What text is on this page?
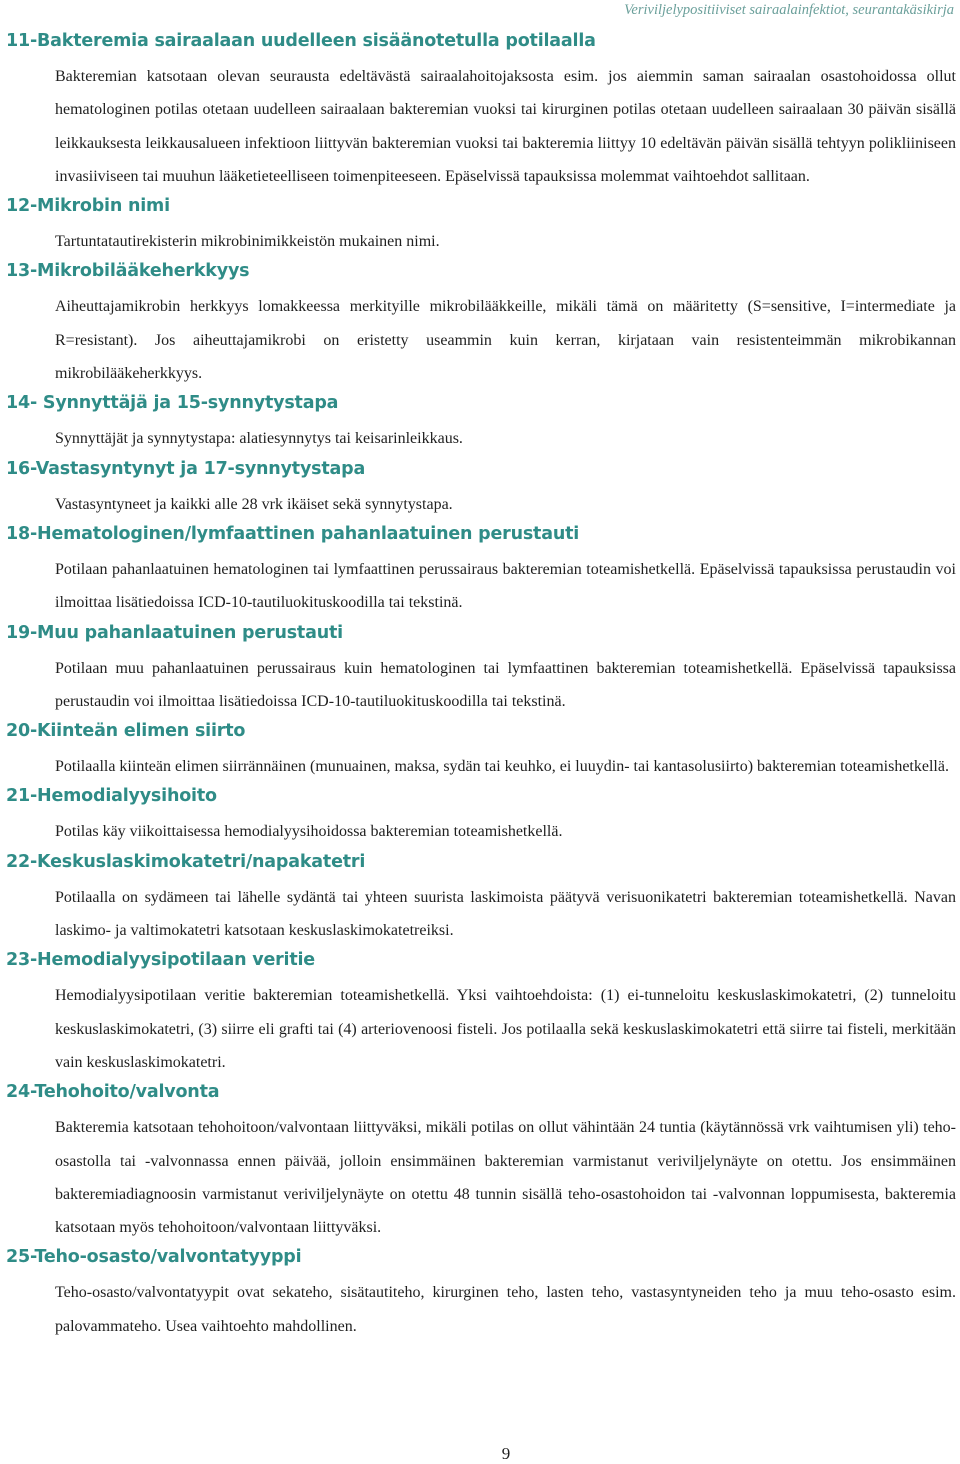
Veriviljelypositiiviset sairaalainfektiot, seurantakäsikirja
11-Bakteremia sairaalaan uudelleen sisäänotetulla potilaalla

Bakteremian katsotaan olevan seurausta edeltävästä sairaalahoitojaksosta esim. jos aiemmin saman sairaalan osastohoidossa ollut hematologinen potilas otetaan uudelleen sairaalaan bakteremian vuoksi tai kirurginen potilas otetaan uudelleen sairaalaan 30 päivän sisällä leikkauksesta leikkausalueen infektioon liittyvän bakteremian vuoksi tai bakteremia liittyy 10 edeltävän päivän sisällä tehtyyn polikliiniseen invasiiviseen tai muuhun lääketieteelliseen toimenpiteeseen. Epäselvissä tapauksissa molemmat vaihtoehdot sallitaan.

12-Mikrobin nimi

Tartuntatautirekisterin mikrobinimikkeistön mukainen nimi.

13-Mikrobilääkeherkkyys

Aiheuttajamikrobin herkkyys lomakkeessa merkityille mikrobilääkkeille, mikäli tämä on määritetty (S=sensitive, I=intermediate ja R=resistant). Jos aiheuttajamikrobi on eristetty useammin kuin kerran, kirjataan vain resistenteimmän mikrobikannan mikrobilääkeherkkyys.

14- Synnyttäjä ja 15-synnytystapa

Synnyttäjät ja synnytystapa: alatiesynnytys tai keisarinleikkaus.

16-Vastasyntynyt ja 17-synnytystapa

Vastasyntyneet ja kaikki alle 28 vrk ikäiset sekä synnytystapa.

18-Hematologinen/lymfaattinen pahanlaatuinen perustauti

Potilaan pahanlaatuinen hematologinen tai lymfaattinen perussairaus bakteremian toteamishetkellä. Epäselvissä tapauksissa perustaudin voi ilmoittaa lisätiedoissa ICD-10-tautiluokituskoodilla tai tekstinä.

19-Muu pahanlaatuinen perustauti

Potilaan muu pahanlaatuinen perussairaus kuin hematologinen tai lymfaattinen bakteremian toteamishetkellä. Epäselvissä tapauksissa perustaudin voi ilmoittaa lisätiedoissa ICD-10-tautiluokituskoodilla tai tekstinä.

20-Kiinteän elimen siirto

Potilaalla kiinteän elimen siirrännäinen (munuainen, maksa, sydän tai keuhko, ei luuydin- tai kantasolusiirto) bakteremian toteamishetkellä.

21-Hemodialyysihoito

Potilas käy viikoittaisessa hemodialyysihoidossa bakteremian toteamishetkellä.

22-Keskuslaskimokatetri/napakatetri

Potilaalla on sydämeen tai lähelle sydäntä tai yhteen suurista laskimoista päätyvä verisuonikatetri bakteremian toteamishetkellä. Navan laskimo- ja valtimokatetri katsotaan keskuslaskimokatetreiksi.

23-Hemodialyysipotilaan veritie

Hemodialyysipotilaan veritie bakteremian toteamishetkellä. Yksi vaihtoehdoista: (1) ei-tunneloitu keskuslaskimokatetri, (2) tunneloitu keskuslaskimokatetri, (3) siirre eli grafti tai (4) arteriovenoosi fisteli. Jos potilaalla sekä keskuslaskimokatetri että siirre tai fisteli, merkitään vain keskuslaskimokatetri.

24-Tehohoito/valvonta

Bakteremia katsotaan tehohoitoon/valvontaan liittyväksi, mikäli potilas on ollut vähintään 24 tuntia (käytännössä vrk vaihtumisen yli) teho-osastolla tai -valvonnassa ennen päivää, jolloin ensimmäinen bakteremian varmistanut veriviljelynäyte on otettu. Jos ensimmäinen bakteremiadiagnoosin varmistanut veriviljelynäyte on otettu 48 tunnin sisällä teho-osastohoidon tai -valvonnan loppumisesta, bakteremia katsotaan myös tehohoitoon/valvontaan liittyväksi.

25-Teho-osasto/valvontatyyppi

Teho-osasto/valvontatyypit ovat sekateho, sisätautiteho, kirurginen teho, lasten teho, vastasyntyneiden teho ja muu teho-osasto esim. palovammateho. Usea vaihtoehto mahdollinen.

9
